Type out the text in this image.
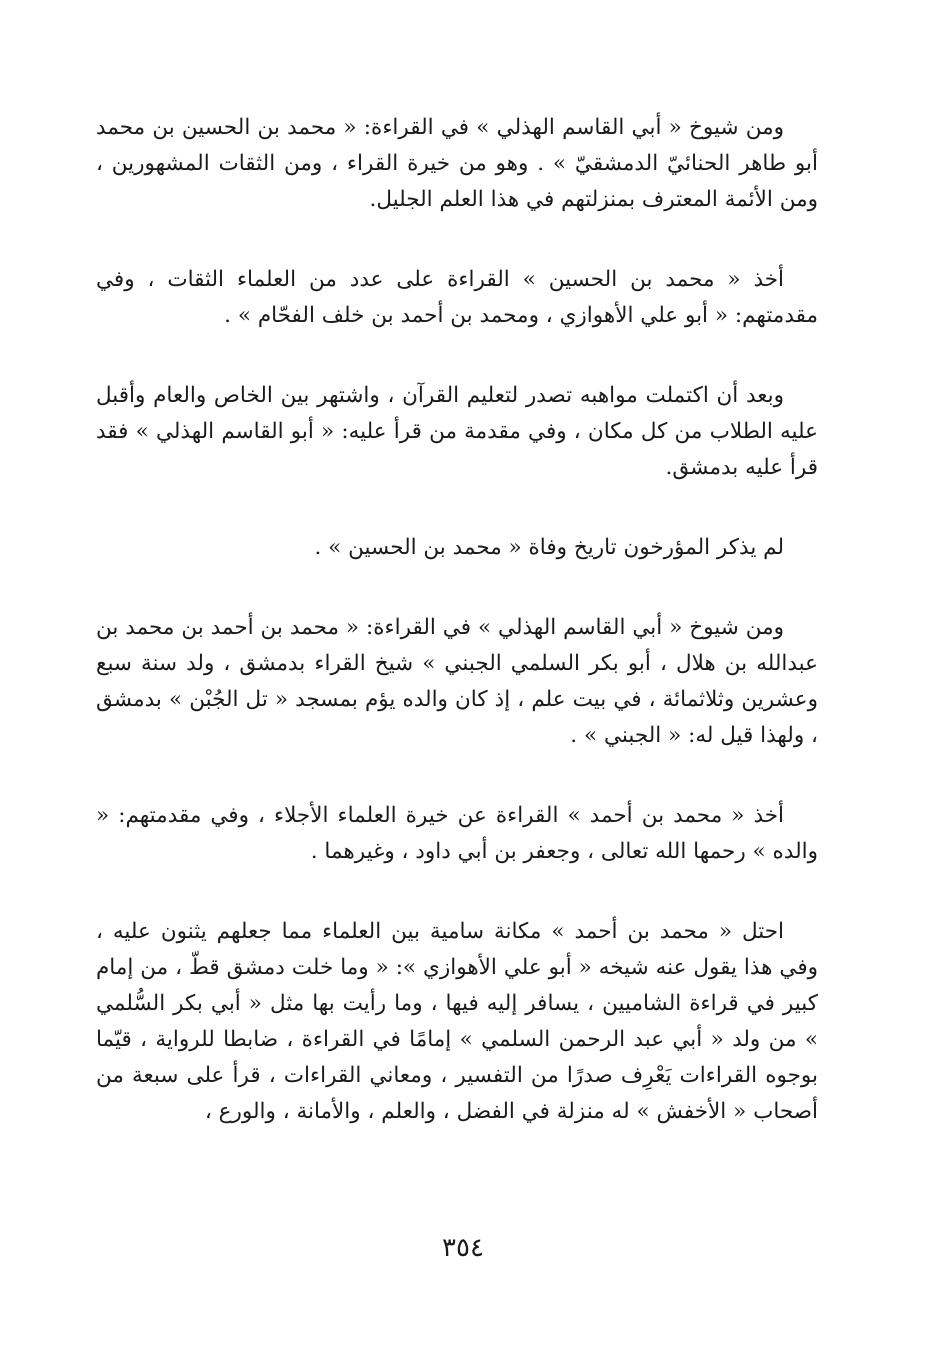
ومن شيوخ « أبي القاسم الهذلي » في القراءة: « محمد بن الحسين بن محمد أبو طاهر الحنائيّ الدمشقيّ » . وهو من خيرة القراء ، ومن الثقات المشهورين ، ومن الأئمة المعترف بمنزلتهم في هذا العلم الجليل.

أخذ « محمد بن الحسين » القراءة على عدد من العلماء الثقات ، وفي مقدمتهم: « أبو علي الأهوازي ، ومحمد بن أحمد بن خلف الفحّام » .

وبعد أن اكتملت مواهبه تصدر لتعليم القرآن ، واشتهر بين الخاص والعام وأقبل عليه الطلاب من كل مكان ، وفي مقدمة من قرأ عليه: « أبو القاسم الهذلي » فقد قرأ عليه بدمشق.

لم يذكر المؤرخون تاريخ وفاة « محمد بن الحسين » .

ومن شيوخ « أبي القاسم الهذلي » في القراءة: « محمد بن أحمد بن محمد بن عبدالله بن هلال ، أبو بكر السلمي الجبني » شيخ القراء بدمشق ، ولد سنة سبع وعشرين وثلاثمائة ، في بيت علم ، إذ كان والده يؤم بمسجد « تل الجُبْن » بدمشق ، ولهذا قيل له: « الجبني » .

أخذ « محمد بن أحمد » القراءة عن خيرة العلماء الأجلاء ، وفي مقدمتهم: « والده » رحمها الله تعالى ، وجعفر بن أبي داود ، وغيرهما .

احتل « محمد بن أحمد » مكانة سامية بين العلماء مما جعلهم يثنون عليه ، وفي هذا يقول عنه شيخه « أبو علي الأهوازي »: « وما خلت دمشق قطّ ، من إمام كبير في قراءة الشاميين ، يسافر إليه فيها ، وما رأيت بها مثل « أبي بكر السُّلمي » من ولد « أبي عبد الرحمن السلمي » إمامًا في القراءة ، ضابطا للرواية ، قيّما بوجوه القراءات يَعْرِف صدرًا من التفسير ، ومعاني القراءات ، قرأ على سبعة من أصحاب « الأخفش » له منزلة في الفضل ، والعلم ، والأمانة ، والورع ،

٣٥٤
